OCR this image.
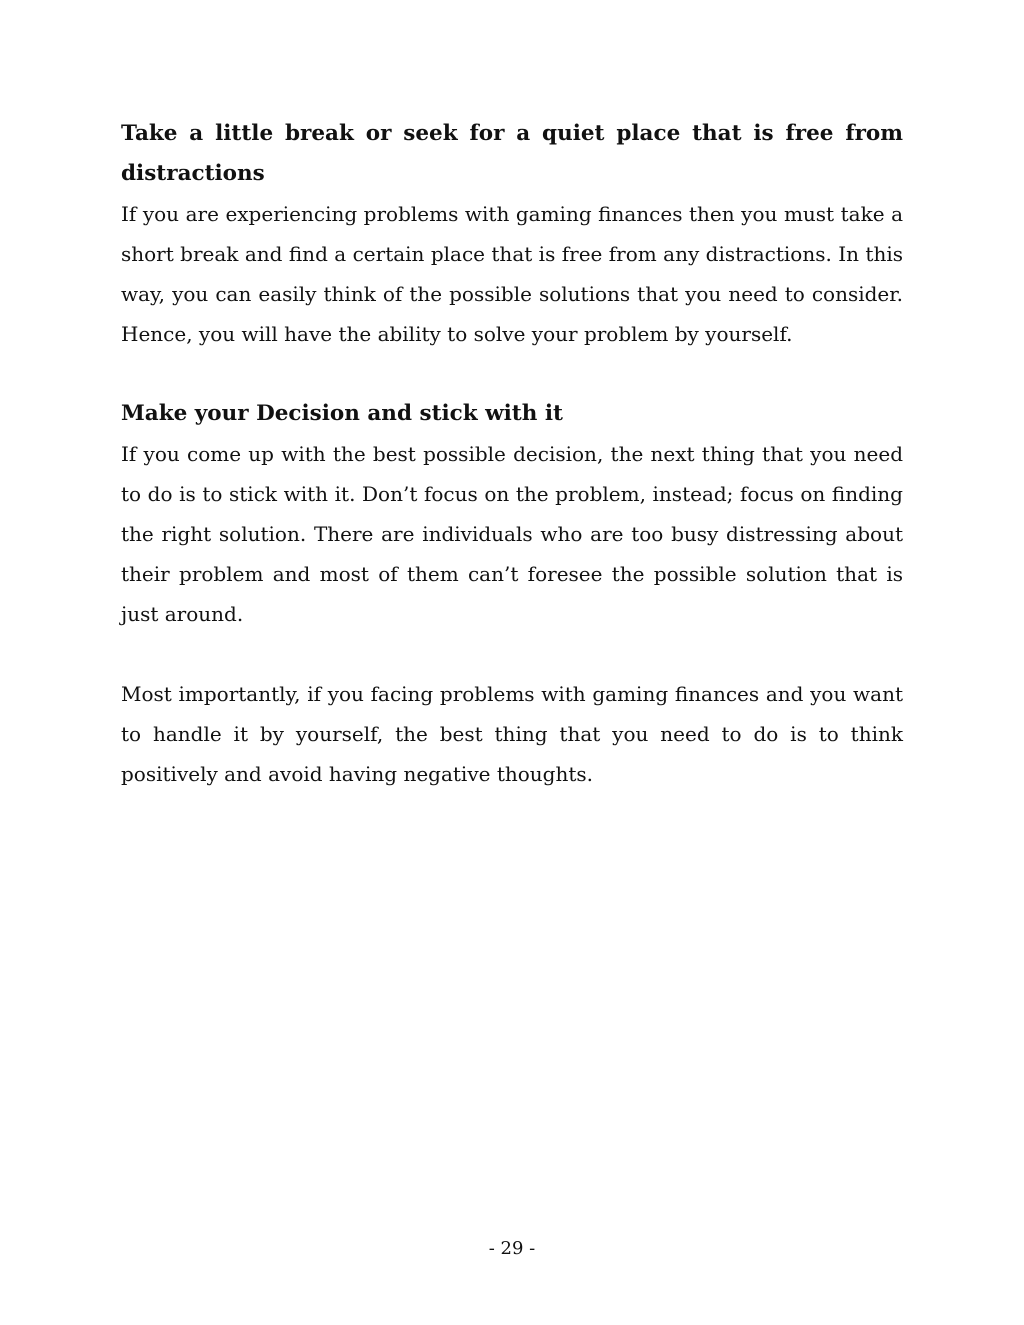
Take a little break or seek for a quiet place that is free from distractions

If you are experiencing problems with gaming finances then you must take a short break and find a certain place that is free from any distractions. In this way, you can easily think of the possible solutions that you need to consider. Hence, you will have the ability to solve your problem by yourself.

Make your Decision and stick with it

If you come up with the best possible decision, the next thing that you need to do is to stick with it. Don’t focus on the problem, instead; focus on finding the right solution. There are individuals who are too busy distressing about their problem and most of them can’t foresee the possible solution that is just around.

Most importantly, if you facing problems with gaming finances and you want to handle it by yourself, the best thing that you need to do is to think positively and avoid having negative thoughts.

- 29 -
